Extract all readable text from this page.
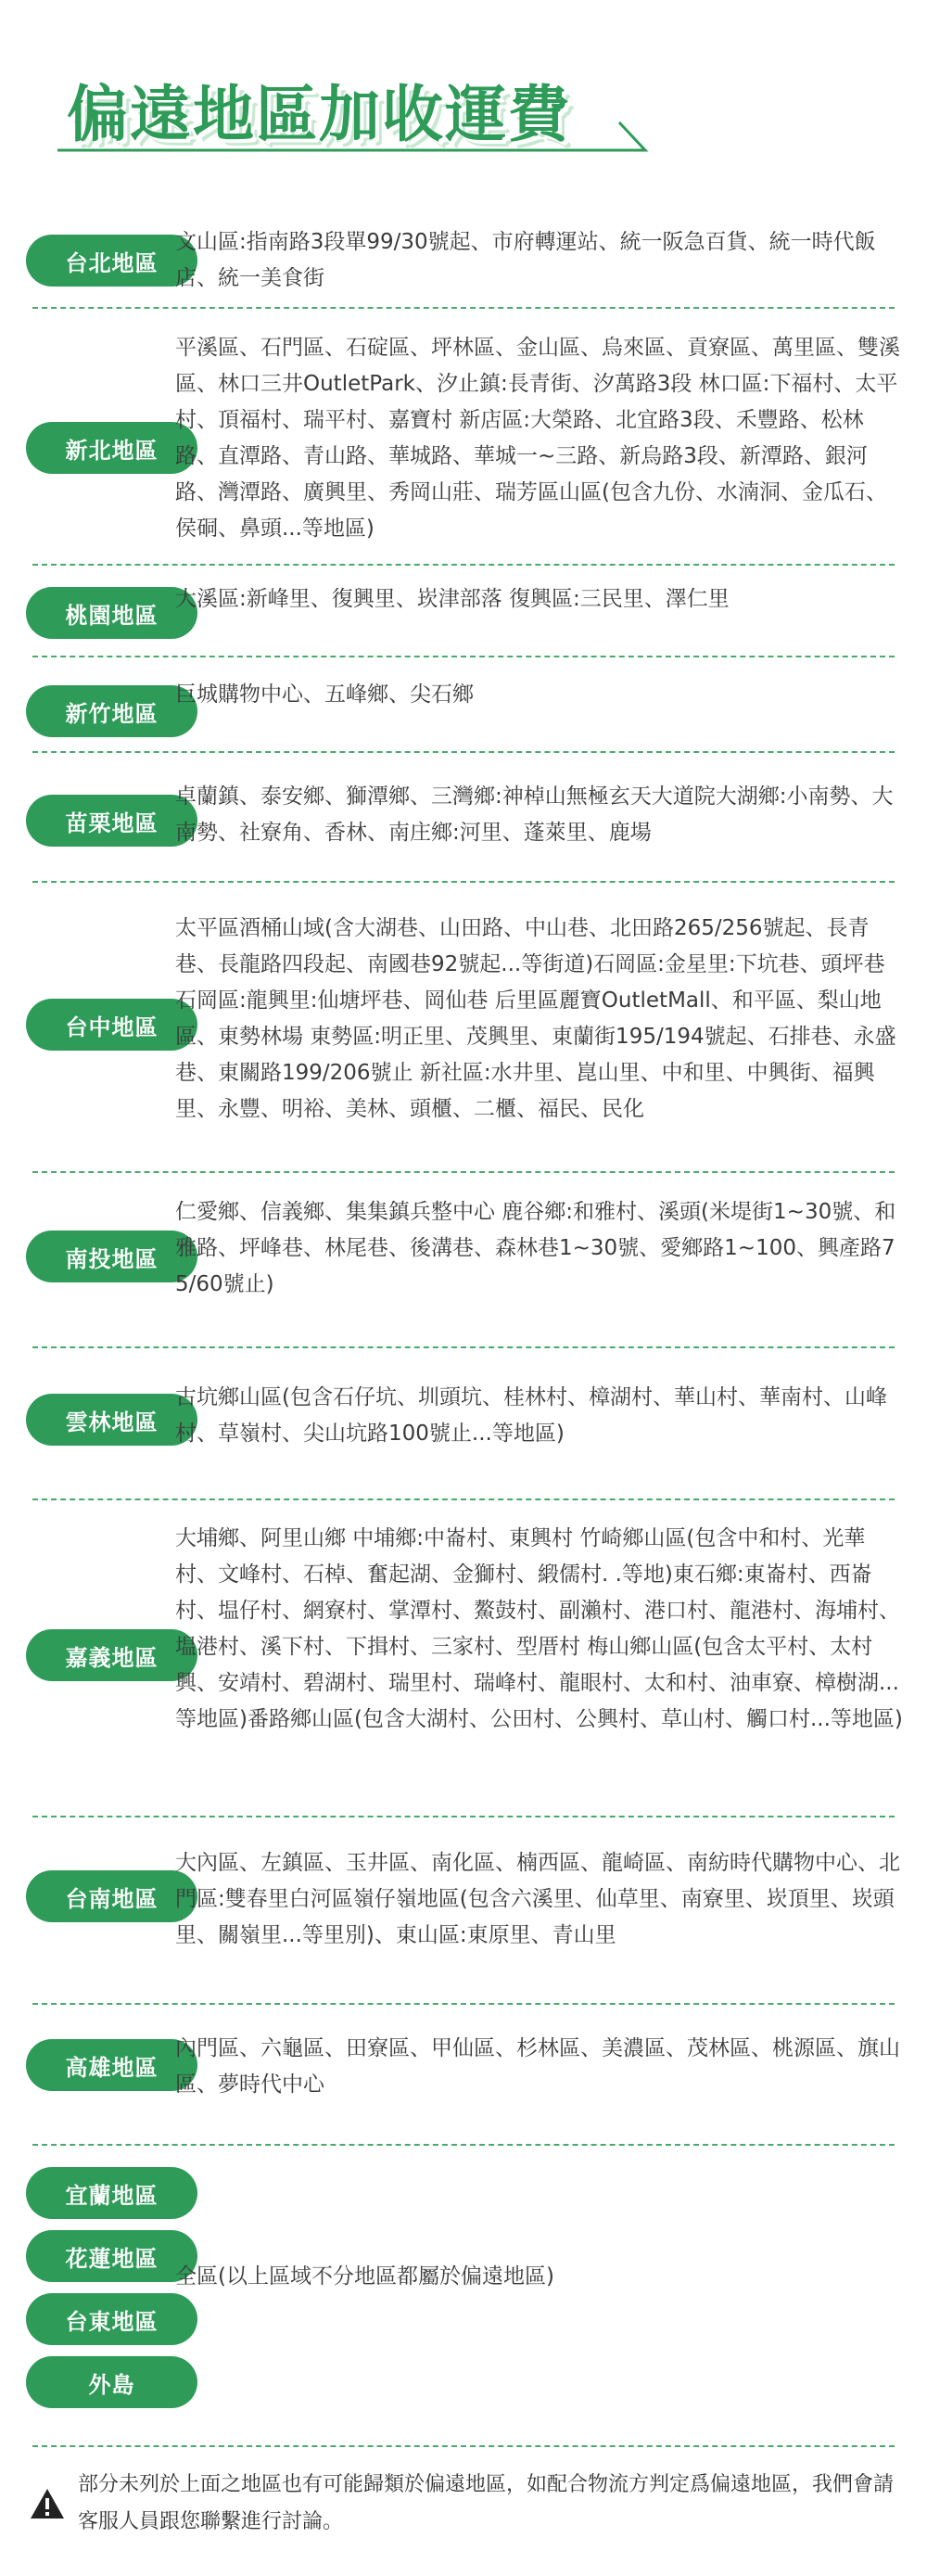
偏遠地區加收運費
台北地區
文山區:指南路3段單99/30號起、市府轉運站、統一阪急百貨、統一時代飯店、統一美食街
新北地區
平溪區、石門區、石碇區、坪林區、金山區、烏來區、貢寮區、萬里區、雙溪區、林口三井OutletPark、汐止鎮:長青街、汐萬路3段 林口區:下福村、太平村、頂福村、瑞平村、嘉寶村 新店區:大榮路、北宜路3段、禾豐路、松林路、直潭路、青山路、華城路、華城一~三路、新烏路3段、新潭路、銀河路、灣潭路、廣興里、秀岡山莊、瑞芳區山區(包含九份、水湳洞、金瓜石、侯硐、鼻頭...等地區)
桃園地區
大溪區:新峰里、復興里、崁津部落 復興區:三民里、澤仁里
新竹地區
巨城購物中心、五峰鄉、尖石鄉
苗栗地區
卓蘭鎮、泰安鄉、獅潭鄉、三灣鄉:神棹山無極玄天大道院大湖鄉:小南勢、大南勢、社寮角、香林、南庄鄉:河里、蓬萊里、鹿場
台中地區
太平區酒桶山域(含大湖巷、山田路、中山巷、北田路265/256號起、長青巷、長龍路四段起、南國巷92號起...等街道)石岡區:金星里:下坑巷、頭坪巷石岡區:龍興里:仙塘坪巷、岡仙巷 后里區麗寶OutletMall、和平區、梨山地區、東勢林場 東勢區:明正里、茂興里、東蘭街195/194號起、石排巷、永盛巷、東關路199/206號止 新社區:水井里、崑山里、中和里、中興街、福興里、永豐、明裕、美林、頭櫃、二櫃、福民、民化
南投地區
仁愛鄉、信義鄉、集集鎮兵整中心 鹿谷鄉:和雅村、溪頭(米堤街1~30號、和雅路、坪峰巷、林尾巷、後溝巷、森林巷1~30號、愛鄉路1~100、興產路75/60號止)
雲林地區
古坑鄉山區(包含石仔坑、圳頭坑、桂林村、樟湖村、華山村、華南村、山峰村、草嶺村、尖山坑路100號止...等地區)
嘉義地區
大埔鄉、阿里山鄉 中埔鄉:中崙村、東興村 竹崎鄉山區(包含中和村、光華村、文峰村、石棹、奮起湖、金獅村、緞儒村. .等地)東石鄉:東崙村、西崙村、塭仔村、網寮村、掌潭村、鰲鼓村、副瀨村、港口村、龍港村、海埔村、塭港村、溪下村、下揖村、三家村、型厝村 梅山鄉山區(包含太平村、太村興、安靖村、碧湖村、瑞里村、瑞峰村、龍眼村、太和村、油車寮、樟樹湖...等地區)番路鄉山區(包含大湖村、公田村、公興村、草山村、觸口村...等地區)
台南地區
大內區、左鎮區、玉井區、南化區、楠西區、龍崎區、南紡時代購物中心、北門區:雙春里白河區嶺仔嶺地區(包含六溪里、仙草里、南寮里、崁頂里、崁頭里、關嶺里...等里別)、東山區:東原里、青山里
高雄地區
內門區、六龜區、田寮區、甲仙區、杉林區、美濃區、茂林區、桃源區、旗山區、夢時代中心
宜蘭地區
花蓮地區
台東地區
外島
全區(以上區域不分地區都屬於偏遠地區)
部分未列於上面之地區也有可能歸類於偏遠地區，如配合物流方判定爲偏遠地區，我們會請客服人員跟您聯繫進行討論。
